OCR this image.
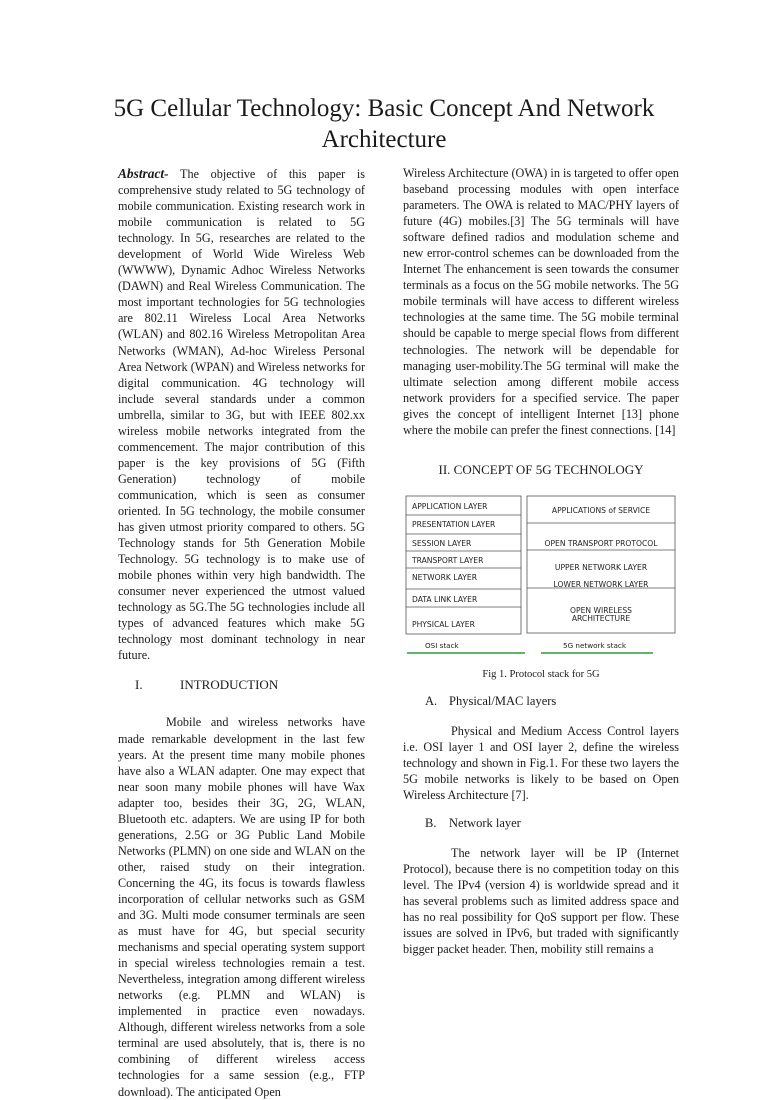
5G Cellular Technology: Basic Concept And Network Architecture

Abstract- The objective of this paper is comprehensive study related to 5G technology of mobile communication. Existing research work in mobile communication is related to 5G technology. In 5G, researches are related to the development of World Wide Wireless Web (WWWW), Dynamic Adhoc Wireless Networks (DAWN) and Real Wireless Communication. The most important technologies for 5G technologies are 802.11 Wireless Local Area Networks (WLAN) and 802.16 Wireless Metropolitan Area Networks (WMAN), Ad-hoc Wireless Personal Area Network (WPAN) and Wireless networks for digital communication. 4G technology will include several standards under a common umbrella, similar to 3G, but with IEEE 802.xx wireless mobile networks integrated from the commencement. The major contribution of this paper is the key provisions of 5G (Fifth Generation) technology of mobile communication, which is seen as consumer oriented. In 5G technology, the mobile consumer has given utmost priority compared to others. 5G Technology stands for 5th Generation Mobile Technology. 5G technology is to make use of mobile phones within very high bandwidth. The consumer never experienced the utmost valued technology as 5G.The 5G technologies include all types of advanced features which make 5G technology most dominant technology in near future.

I.	INTRODUCTION

Mobile and wireless networks have made remarkable development in the last few years. At the present time many mobile phones have also a WLAN adapter. One may expect that near soon many mobile phones will have Wax adapter too, besides their 3G, 2G, WLAN, Bluetooth etc. adapters. We are using IP for both generations, 2.5G or 3G Public Land Mobile Networks (PLMN) on one side and WLAN on the other, raised study on their integration. Concerning the 4G, its focus is towards flawless incorporation of cellular networks such as GSM and 3G. Multi mode consumer terminals are seen as must have for 4G, but special security mechanisms and special operating system support in special wireless technologies remain a test. Nevertheless, integration among different wireless networks (e.g. PLMN and WLAN) is implemented in practice even nowadays. Although, different wireless networks from a sole terminal are used absolutely, that is, there is no combining of different wireless access technologies for a same session (e.g., FTP download). The anticipated Open

Wireless Architecture (OWA) in is targeted to offer open baseband processing modules with open interface parameters. The OWA is related to MAC/PHY layers of future (4G) mobiles.[3] The 5G terminals will have software defined radios and modulation scheme and new error-control schemes can be downloaded from the Internet The enhancement is seen towards the consumer terminals as a focus on the 5G mobile networks. The 5G mobile terminals will have access to different wireless technologies at the same time. The 5G mobile terminal should be capable to merge special flows from different technologies. The network will be dependable for managing user-mobility.The 5G terminal will make the ultimate selection among different mobile access network providers for a specified service. The paper gives the concept of intelligent Internet [13] phone where the mobile can prefer the finest connections. [14]

II. CONCEPT OF 5G TECHNOLOGY
APPLICATION LAYER
PRESENTATION LAYER
SESSION LAYER
TRANSPORT LAYER
NETWORK LAYER
DATA LINK LAYER
PHYSICAL LAYER
APPLICATIONS of SERVICE
OPEN TRANSPORT PROTOCOL
UPPER NETWORK LAYER
LOWER NETWORK LAYER
OPEN WIRELESS
ARCHITECTURE
OSI stack	5G network stack
Fig 1. Protocol stack for 5G
A. Physical/MAC layers

Physical and Medium Access Control layers i.e. OSI layer 1 and OSI layer 2, define the wireless technology and shown in Fig.1. For these two layers the 5G mobile networks is likely to be based on Open Wireless Architecture [7].

B. Network layer

The network layer will be IP (Internet Protocol), because there is no competition today on this level. The IPv4 (version 4) is worldwide spread and it has several problems such as limited address space and has no real possibility for QoS support per flow. These issues are solved in IPv6, but traded with significantly bigger packet header. Then, mobility still remains a
